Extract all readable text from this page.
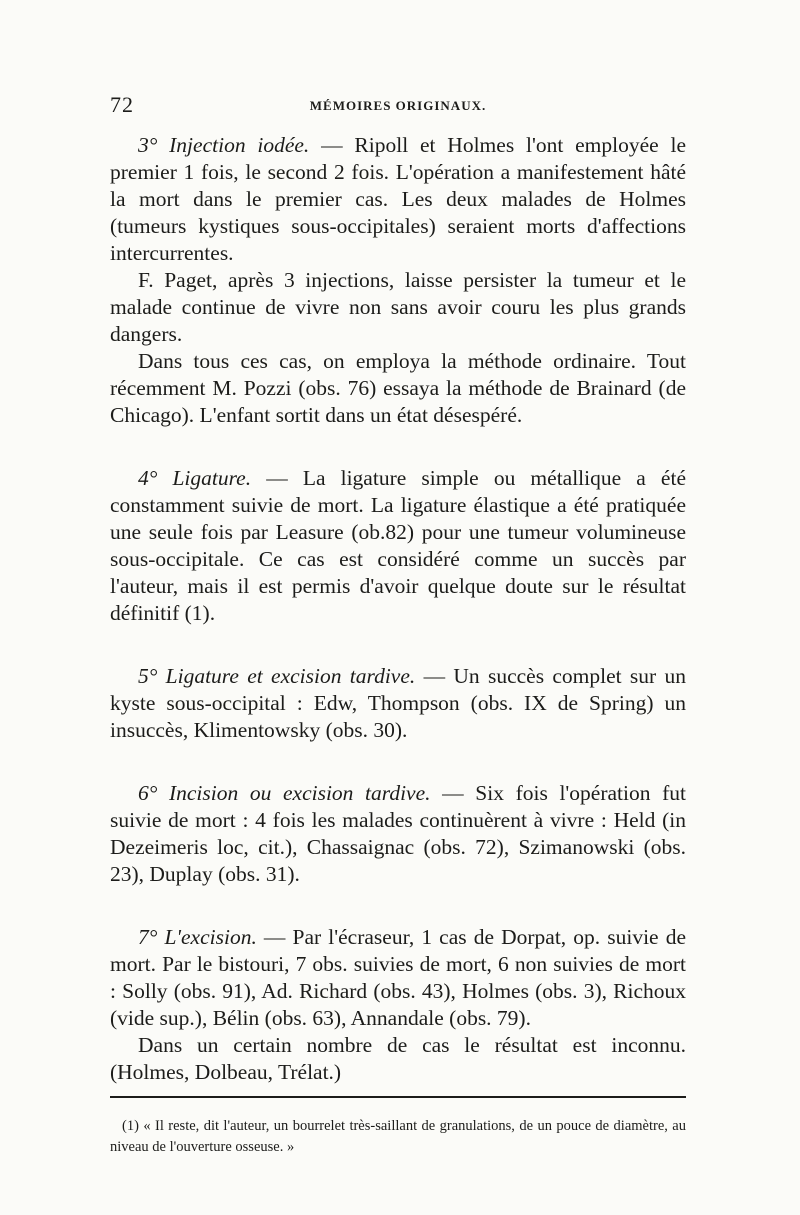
72	MÉMOIRES ORIGINAUX.

3° Injection iodée. — Ripoll et Holmes l'ont employée le premier 1 fois, le second 2 fois. L'opération a manifestement hâté la mort dans le premier cas. Les deux malades de Holmes (tumeurs kystiques sous-occipitales) seraient morts d'affections intercurrentes.

F. Paget, après 3 injections, laisse persister la tumeur et le malade continue de vivre non sans avoir couru les plus grands dangers.

Dans tous ces cas, on employa la méthode ordinaire. Tout récemment M. Pozzi (obs. 76) essaya la méthode de Brainard (de Chicago). L'enfant sortit dans un état désespéré.

4° Ligature. — La ligature simple ou métallique a été constamment suivie de mort. La ligature élastique a été pratiquée une seule fois par Leasure (ob.82) pour une tumeur volumineuse sous-occipitale. Ce cas est considéré comme un succès par l'auteur, mais il est permis d'avoir quelque doute sur le résultat définitif (1).

5° Ligature et excision tardive. — Un succès complet sur un kyste sous-occipital : Edw, Thompson (obs. IX de Spring) un insuccès, Klimentowsky (obs. 30).

6° Incision ou excision tardive. — Six fois l'opération fut suivie de mort : 4 fois les malades continuèrent à vivre : Held (in Dezeimeris loc, cit.), Chassaignac (obs. 72), Szimanowski (obs. 23), Duplay (obs. 31).

7° L'excision. — Par l'écraseur, 1 cas de Dorpat, op. suivie de mort. Par le bistouri, 7 obs. suivies de mort, 6 non suivies de mort : Solly (obs. 91), Ad. Richard (obs. 43), Holmes (obs. 3), Richoux (vide sup.), Bélin (obs. 63), Annandale (obs. 79).

Dans un certain nombre de cas le résultat est inconnu. (Holmes, Dolbeau, Trélat.)

(1) « Il reste, dit l'auteur, un bourrelet très-saillant de granulations, de un pouce de diamètre, au niveau de l'ouverture osseuse. »
